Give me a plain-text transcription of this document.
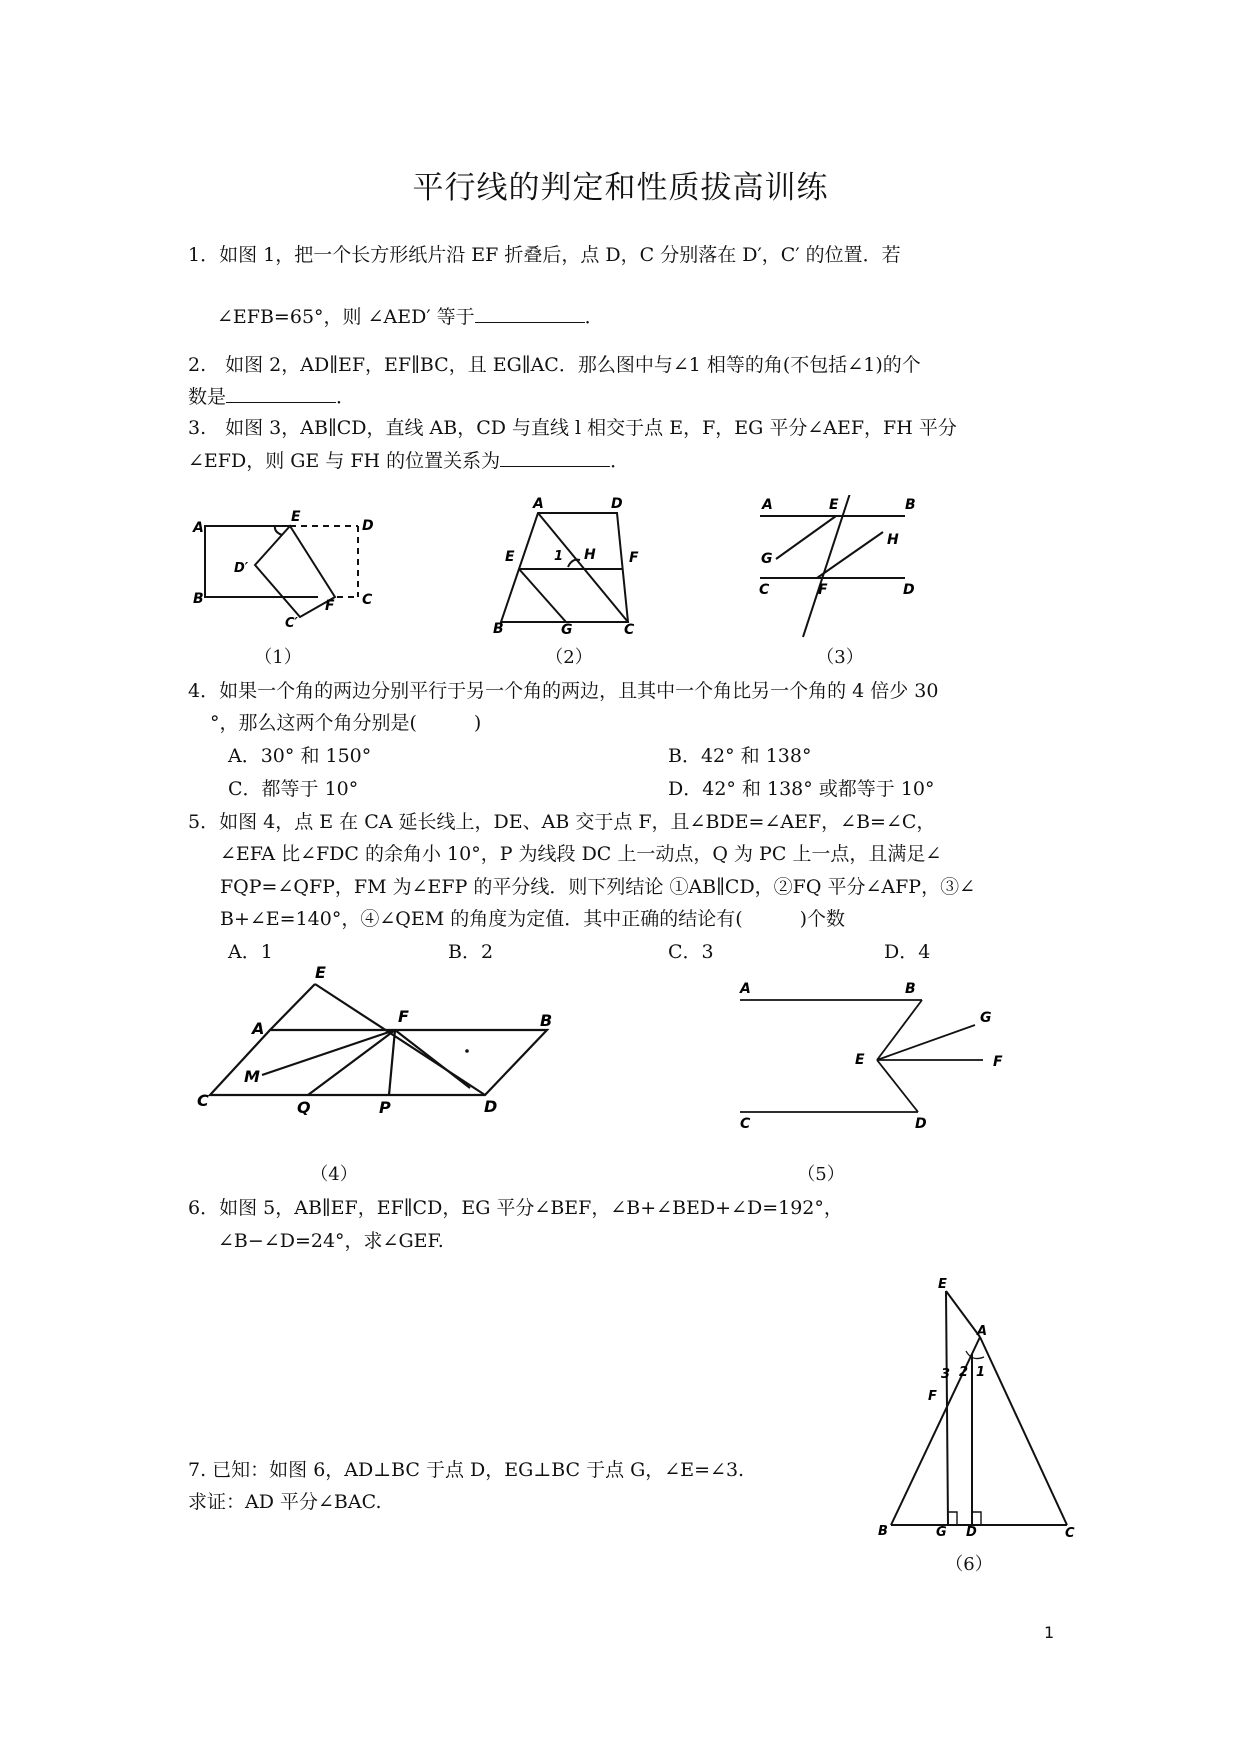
平行线的判定和性质拔高训练
1．如图 1，把一个长方形纸片沿 EF 折叠后，点 D，C 分别落在 D′，C′ 的位置．若
∠EFB=65°，则 ∠AED′ 等于	．
2.　如图 2，AD∥EF，EF∥BC，且 EG∥AC．那么图中与∠1 相等的角(不包括∠1)的个
数是	．
3.　如图 3，AB∥CD，直线 AB，CD 与直线 l 相交于点 E，F，EG 平分∠AEF，FH 平分
∠EFD，则 GE 与 FH 的位置关系为	．
A
B	C
D
E
F
D′
C′
A	D
E	F
1 H
B	G	C
A	E	B
G
H
C	F	D
（1）	（2）	（3）
4．如果一个角的两边分别平行于另一个角的两边，且其中一个角比另一个角的 4 倍少 30
°，那么这两个角分别是(　　　)
A．30° 和 150°	B．42° 和 138°
C．都等于 10°	D．42° 和 138° 或都等于 10°
5．如图 4，点 E 在 CA 延长线上，DE、AB 交于点 F，且∠BDE=∠AEF，∠B=∠C，
∠EFA 比∠FDC 的余角小 10°，P 为线段 DC 上一动点，Q 为 PC 上一点，且满足∠
FQP=∠QFP，FM 为∠EFP 的平分线．则下列结论 ①AB∥CD，②FQ 平分∠AFP，③∠
B+∠E=140°，④∠QEM 的角度为定值．其中正确的结论有(　　　)个数
A．1	B．2	C．3	D．4
E
A
F	B
M
C	Q	P	D
A	B
G
E	F
C	D
（4）	（5）
6．如图 5，AB∥EF，EF∥CD，EG 平分∠BEF，∠B+∠BED+∠D=192°，
∠B−∠D=24°，求∠GEF.
E
A
3 2 1
F
B	G D	C
（6）
7. 已知：如图 6，AD⊥BC 于点 D，EG⊥BC 于点 G，∠E=∠3.
求证：AD 平分∠BAC.
1
